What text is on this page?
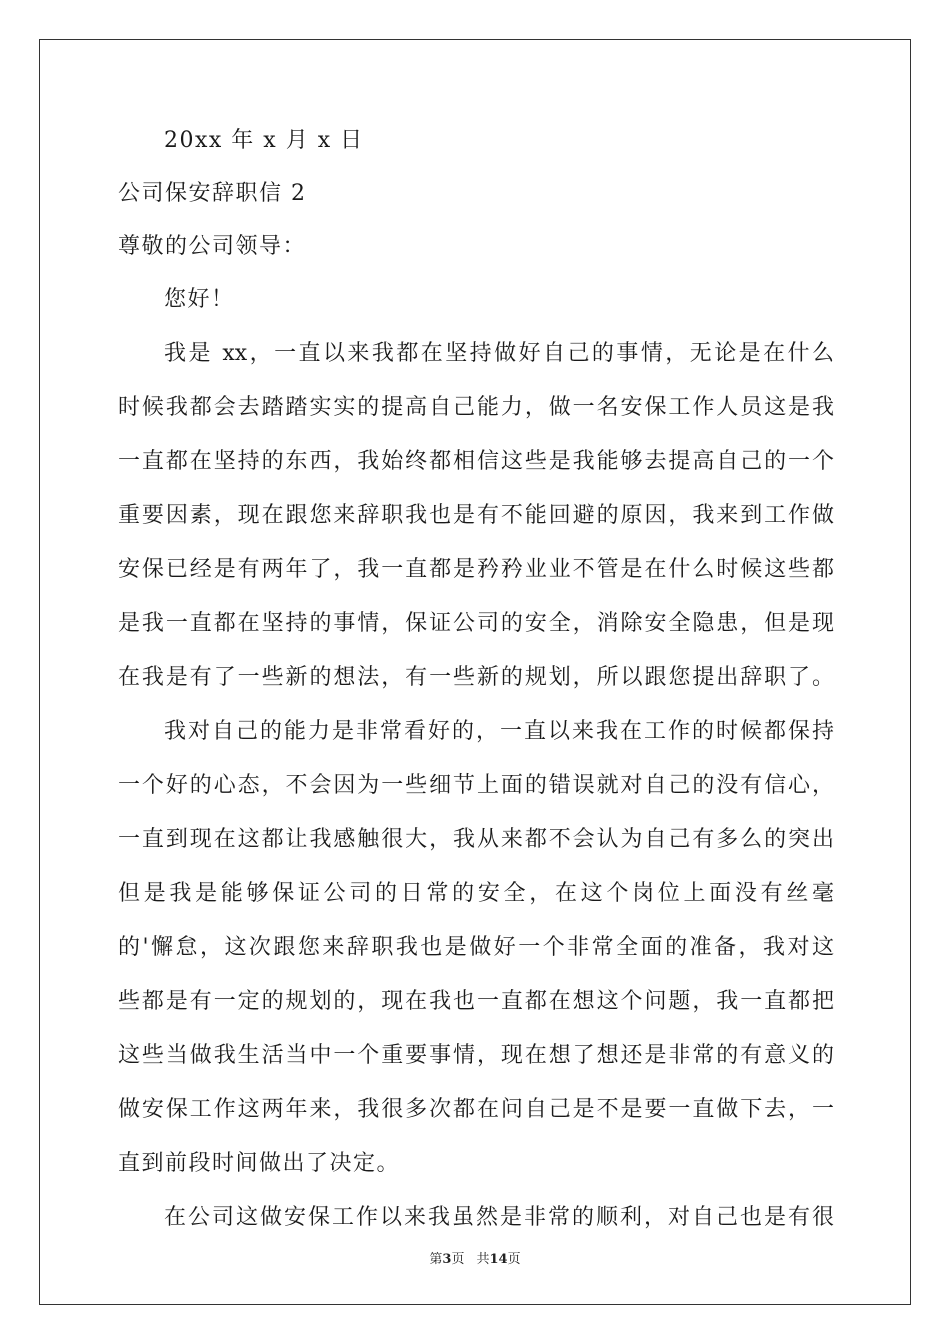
20xx 年 x 月 x 日
公司保安辞职信 2
尊敬的公司领导：
您好！
我是 xx，一直以来我都在坚持做好自己的事情，无论是在什么
时候我都会去踏踏实实的提高自己能力，做一名安保工作人员这是我
一直都在坚持的东西，我始终都相信这些是我能够去提高自己的一个
重要因素，现在跟您来辞职我也是有不能回避的原因，我来到工作做
安保已经是有两年了，我一直都是矜矜业业不管是在什么时候这些都
是我一直都在坚持的事情，保证公司的安全，消除安全隐患，但是现
在我是有了一些新的想法，有一些新的规划，所以跟您提出辞职了。
我对自己的能力是非常看好的，一直以来我在工作的时候都保持
一个好的心态，不会因为一些细节上面的错误就对自己的没有信心，
一直到现在这都让我感触很大，我从来都不会认为自己有多么的突出
但是我是能够保证公司的日常的安全，在这个岗位上面没有丝毫
的'懈怠，这次跟您来辞职我也是做好一个非常全面的准备，我对这
些都是有一定的规划的，现在我也一直都在想这个问题，我一直都把
这些当做我生活当中一个重要事情，现在想了想还是非常的有意义的
做安保工作这两年来，我很多次都在问自己是不是要一直做下去，一
直到前段时间做出了决定。
在公司这做安保工作以来我虽然是非常的顺利，对自己也是有很
第3页 共14页
